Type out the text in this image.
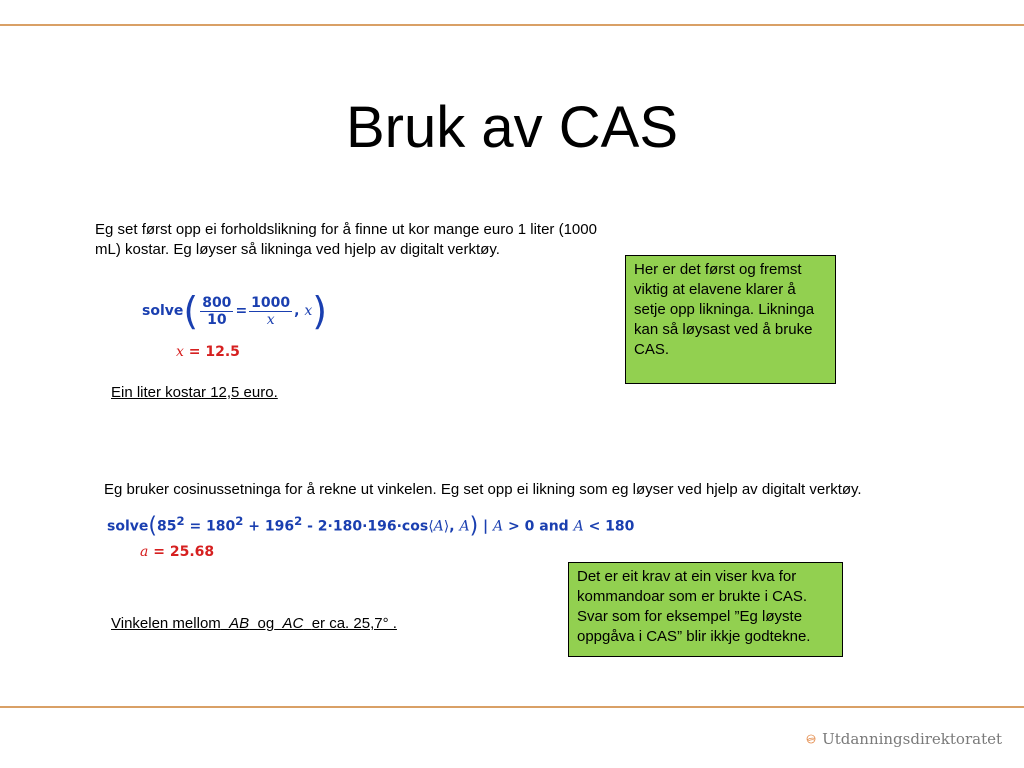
Bruk av CAS
Eg set først opp ei forholdslikning for å finne ut kor mange euro 1 liter (1000 mL) kostar. Eg løyser så likninga ved hjelp av digitalt verktøy.
solve( $\frac{800}{10} = \frac{1000}{x}$ , x)
x = 12.5
Ein liter kostar 12,5 euro.
Her er det først og fremst viktig at elavene klarer å setje opp likninga. Likninga kan så løysast ved å bruke CAS.
Eg bruker cosinussetninga for å rekne ut vinkelen. Eg set opp ei likning som eg løyser ved hjelp av digitalt verktøy.
$solve(85^2 = 180^2 + 196^2$ - 2·180·196·cos⟨A⟩, A) | A > 0 and A < 180
a = 25.68
Vinkelen mellom AB og AC er ca. 25,7° .
Det er eit krav at ein viser kva for kommandoar som er brukte i CAS.
Svar som for eksempel ”Eg løyste oppgåva i CAS” blir ikkje godtekne.
Utdanningsdirektoratet
